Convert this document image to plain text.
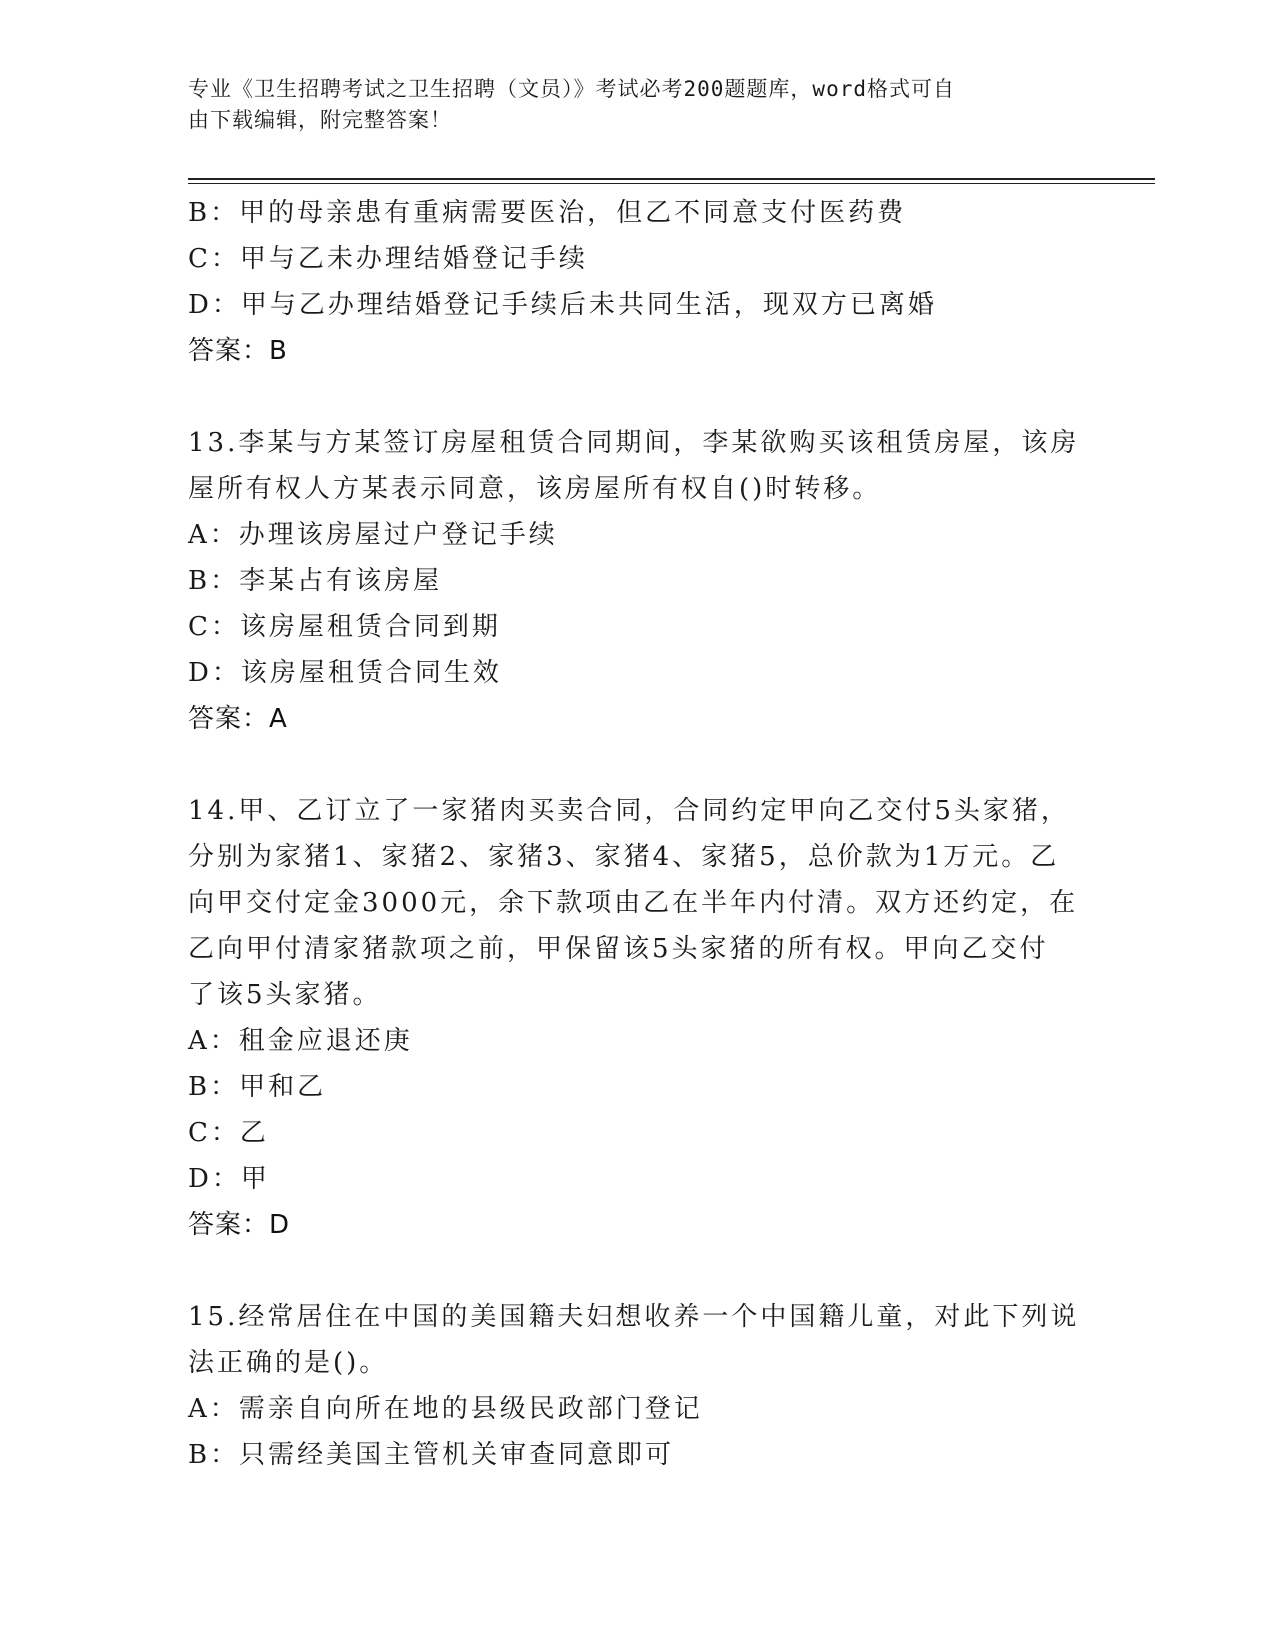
专业《卫生招聘考试之卫生招聘（文员）》考试必考200题题库，word格式可自
由下载编辑，附完整答案！
B：甲的母亲患有重病需要医治，但乙不同意支付医药费
C：甲与乙未办理结婚登记手续
D：甲与乙办理结婚登记手续后未共同生活，现双方已离婚
答案：B
13.李某与方某签订房屋租赁合同期间，李某欲购买该租赁房屋，该房
屋所有权人方某表示同意，该房屋所有权自()时转移。
A：办理该房屋过户登记手续
B：李某占有该房屋
C：该房屋租赁合同到期
D：该房屋租赁合同生效
答案：A
14.甲、乙订立了一家猪肉买卖合同，合同约定甲向乙交付5头家猪，
分别为家猪1、家猪2、家猪3、家猪4、家猪5，总价款为1万元。乙
向甲交付定金3000元，余下款项由乙在半年内付清。双方还约定，在
乙向甲付清家猪款项之前，甲保留该5头家猪的所有权。甲向乙交付
了该5头家猪。
A：租金应退还庚
B：甲和乙
C：乙
D：甲
答案：D
15.经常居住在中国的美国籍夫妇想收养一个中国籍儿童，对此下列说
法正确的是()。
A：需亲自向所在地的县级民政部门登记
B：只需经美国主管机关审查同意即可
